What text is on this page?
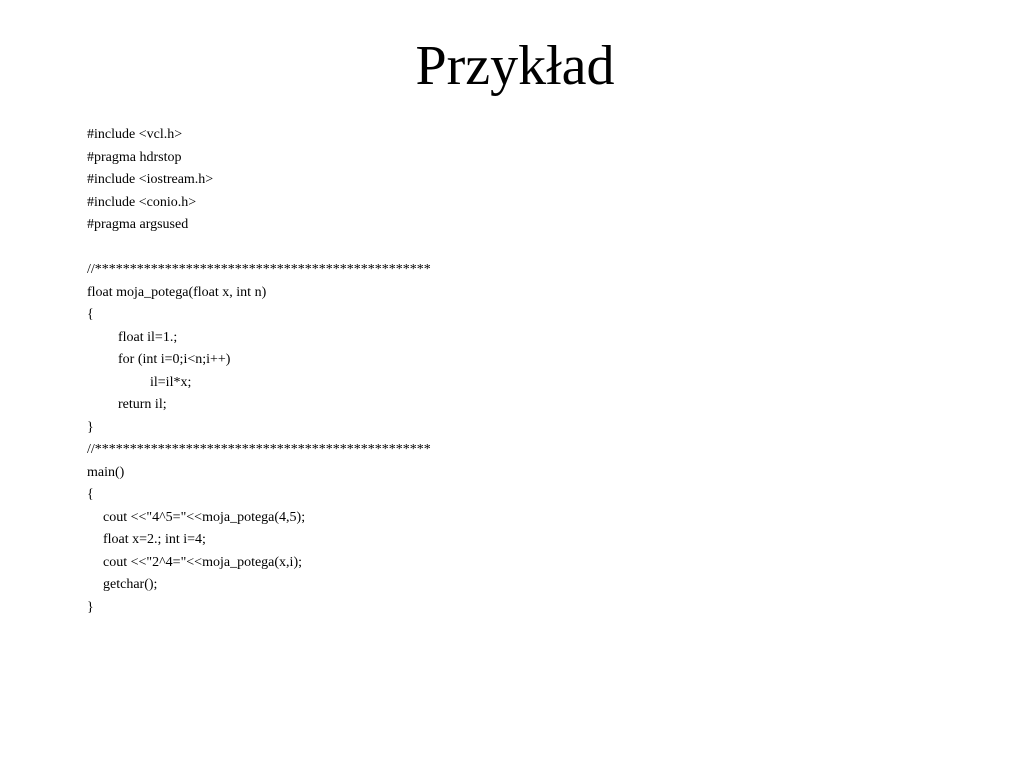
Przykład
#include <vcl.h>
#pragma hdrstop
#include <iostream.h>
#include <conio.h>
#pragma argsused
//************************************************
float moja_potega(float x, int n)
{
float il=1.;
for (int i=0;i<n;i++)
il=il*x;
return il;
}
//************************************************
main()
{
cout <<"4^5="<<moja_potega(4,5);
float x=2.; int i=4;
cout <<"2^4="<<moja_potega(x,i);
getchar();
}
